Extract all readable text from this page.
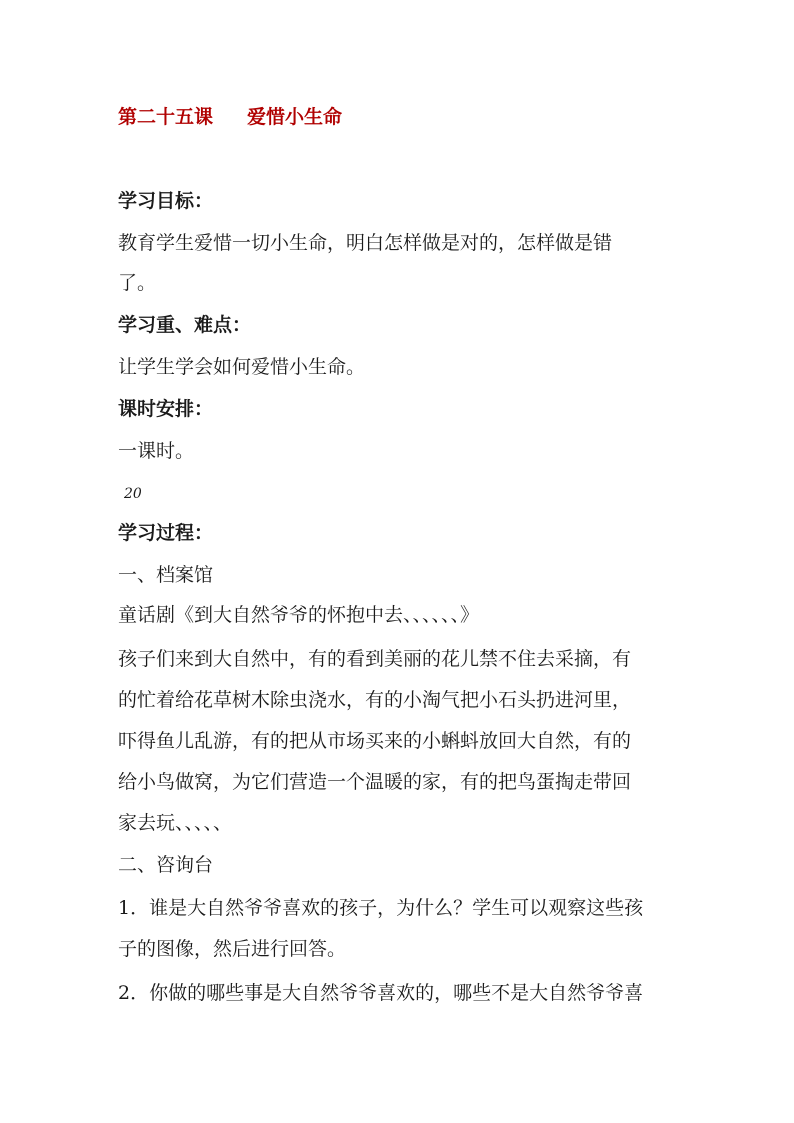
第二十五课 爱惜小生命
学习目标：
教育学生爱惜一切小生命，明白怎样做是对的，怎样做是错
了。
学习重、难点：
让学生学会如何爱惜小生命。
课时安排：
一课时。
20
学习过程：
一、档案馆
童话剧《到大自然爷爷的怀抱中去、、、、、、》
孩子们来到大自然中，有的看到美丽的花儿禁不住去采摘，有
的忙着给花草树木除虫浇水，有的小淘气把小石头扔进河里，
吓得鱼儿乱游，有的把从市场买来的小蝌蚪放回大自然，有的
给小鸟做窝，为它们营造一个温暖的家，有的把鸟蛋掏走带回
家去玩、、、、、
二、咨询台
1．谁是大自然爷爷喜欢的孩子，为什么？学生可以观察这些孩
子的图像，然后进行回答。
2．你做的哪些事是大自然爷爷喜欢的，哪些不是大自然爷爷喜
